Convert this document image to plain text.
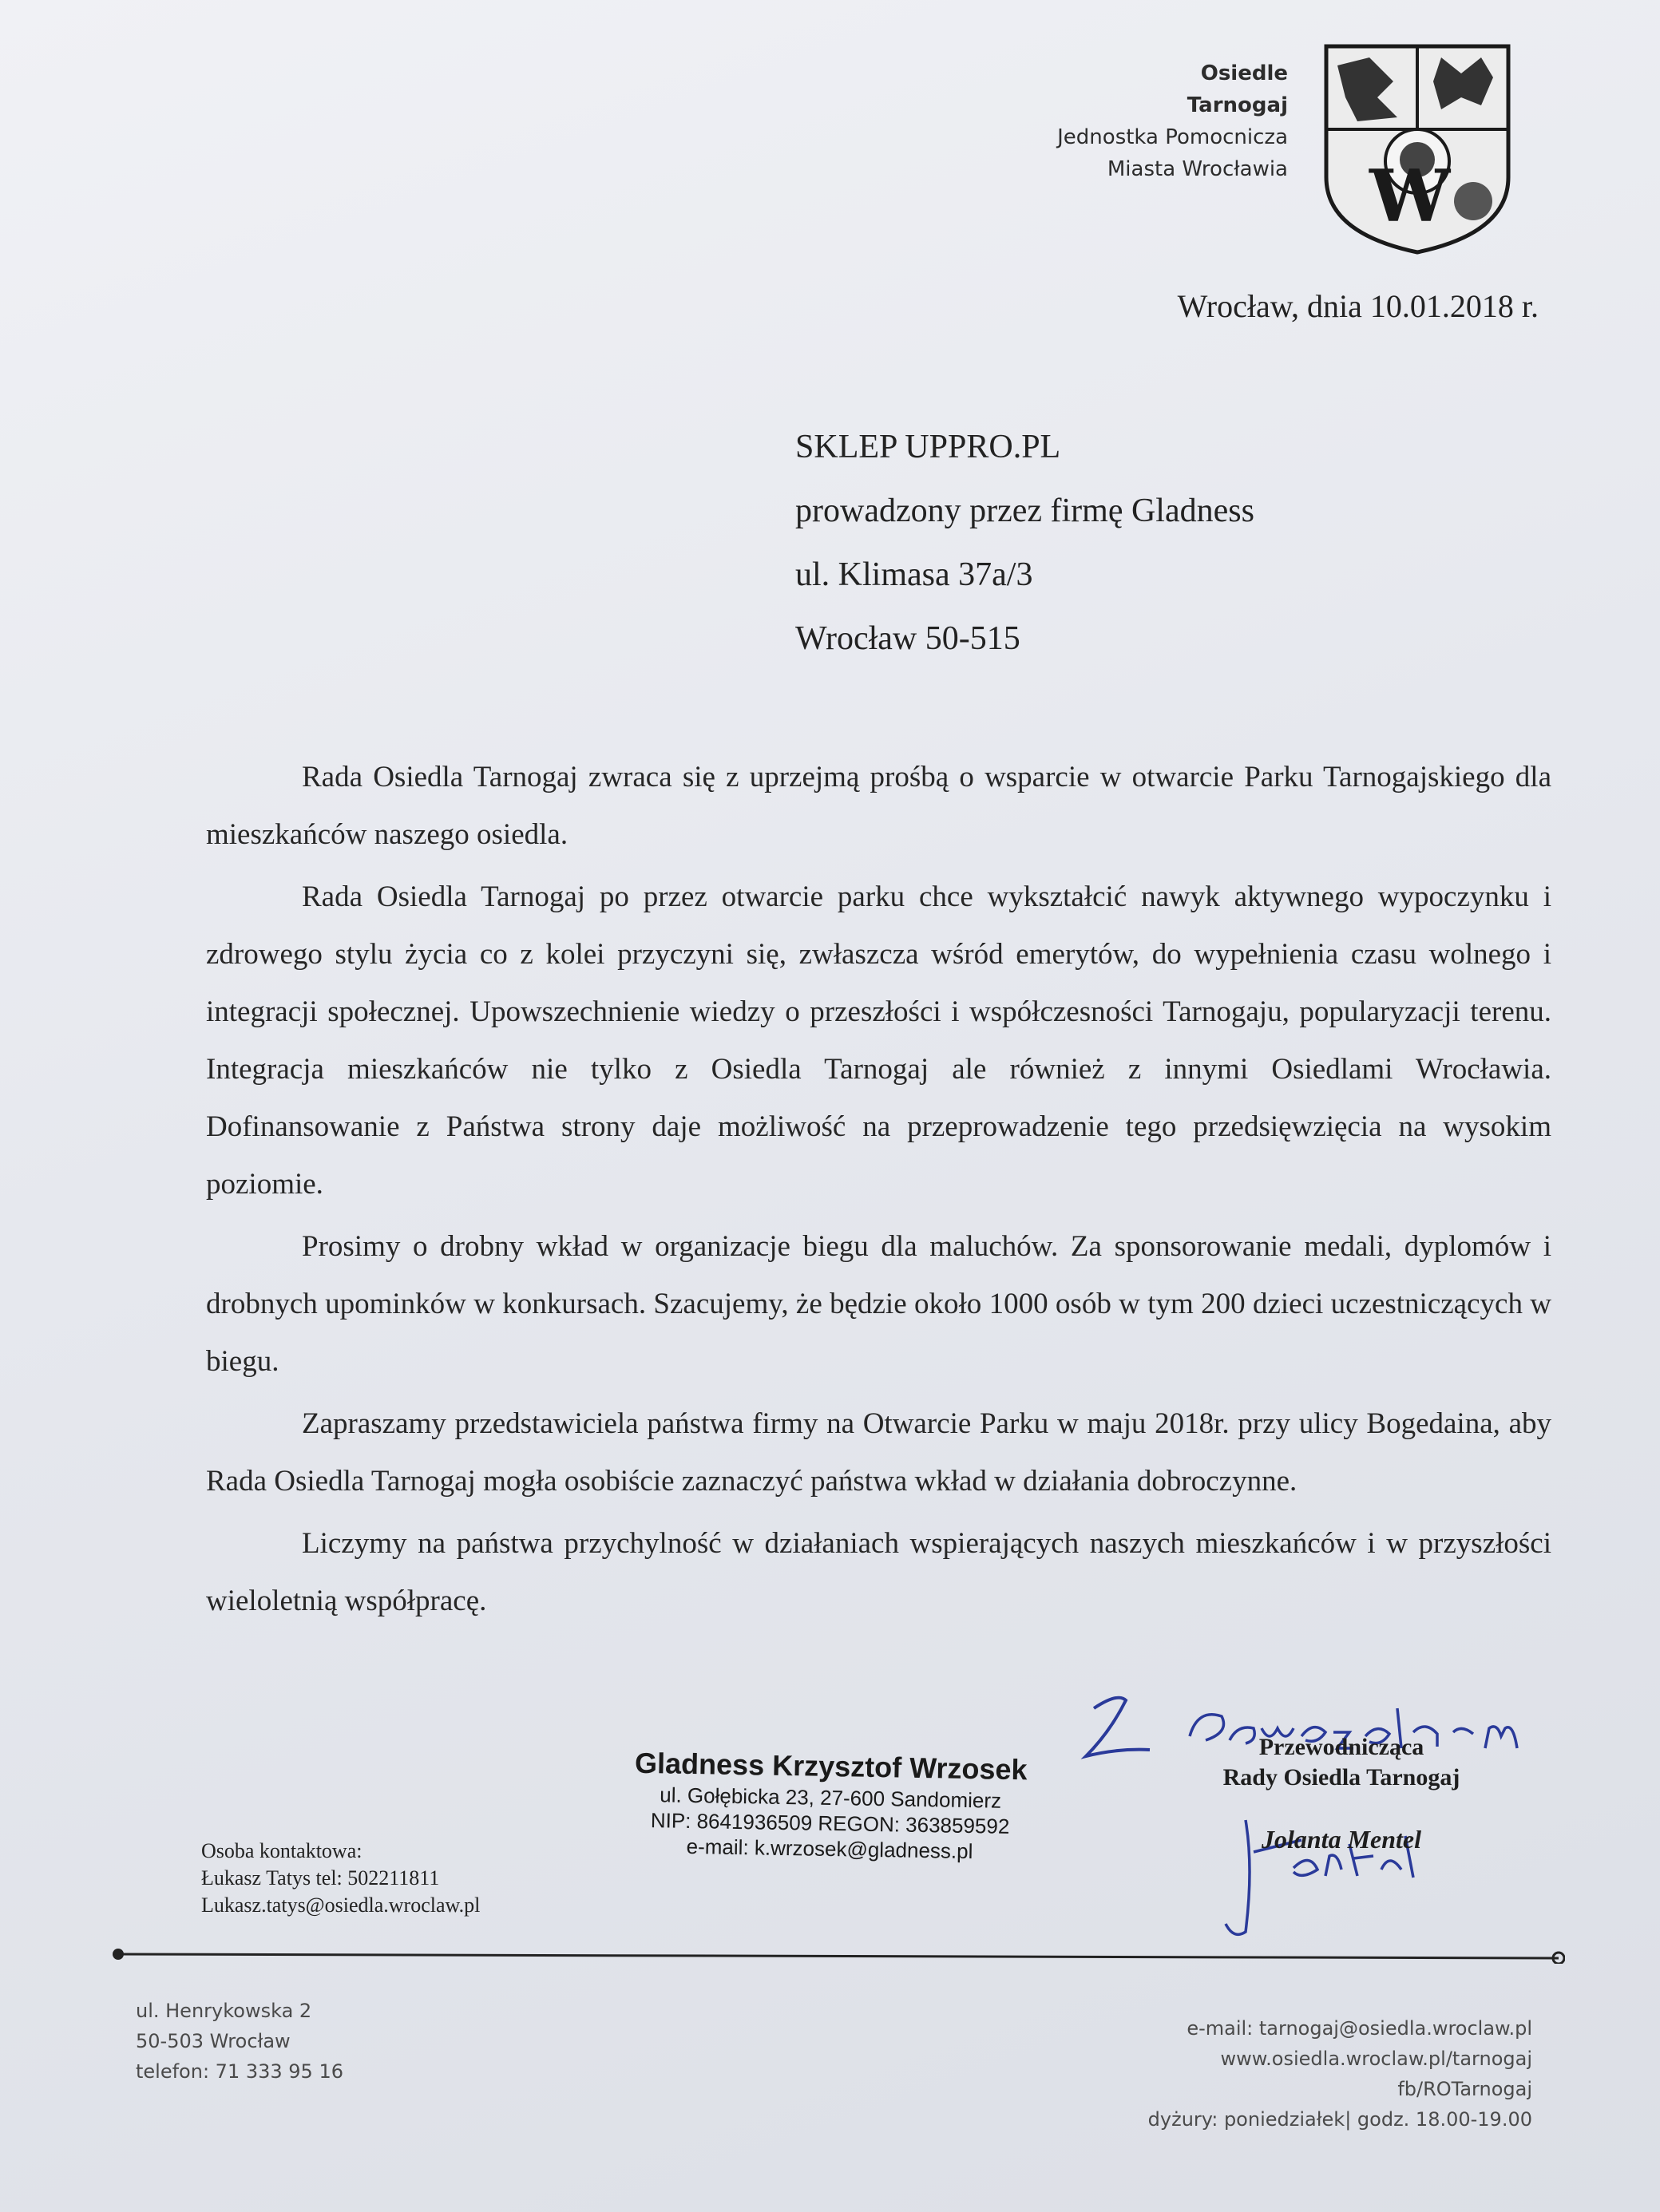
Osiedle
Tarnogaj
Jednostka Pomocnicza
Miasta Wrocławia W
Wrocław, dnia 10.01.2018 r.
SKLEP UPPRO.PL
prowadzony przez firmę Gladness
ul. Klimasa 37a/3
Wrocław 50-515

Rada Osiedla Tarnogaj zwraca się z uprzejmą prośbą o wsparcie w otwarcie Parku Tarnogajskiego dla mieszkańców naszego osiedla.

Rada Osiedla Tarnogaj po przez otwarcie parku chce wykształcić nawyk aktywnego wypoczynku i zdrowego stylu życia co z kolei przyczyni się, zwłaszcza wśród emerytów, do wypełnienia czasu wolnego i integracji społecznej. Upowszechnienie wiedzy o przeszłości i współczesności Tarnogaju, popularyzacji terenu. Integracja mieszkańców nie tylko z Osiedla Tarnogaj ale również z innymi Osiedlami Wrocławia. Dofinansowanie z Państwa strony daje możliwość na przeprowadzenie tego przedsięwzięcia na wysokim poziomie.

Prosimy o drobny wkład w organizacje biegu dla maluchów. Za sponsorowanie medali, dyplomów i drobnych upominków w konkursach. Szacujemy, że będzie około 1000 osób w tym 200 dzieci uczestniczących w biegu.

Zapraszamy przedstawiciela państwa firmy na Otwarcie Parku w maju 2018r. przy ulicy Bogedaina, aby Rada Osiedla Tarnogaj mogła osobiście zaznaczyć państwa wkład w działania dobroczynne.

Liczymy na państwa przychylność w działaniach wspierających naszych mieszkańców i w przyszłości wieloletnią współpracę.

Gladness Krzysztof Wrzosek
ul. Gołębicka 23, 27-600 Sandomierz
NIP: 8641936509 REGON: 363859592
e-mail: k.wrzosek@gladness.pl
Przewodnicząca
Rady Osiedla Tarnogaj
Jolanta Mentel
Osoba kontaktowa:
Łukasz Tatys tel: 502211811
Lukasz.tatys@osiedla.wroclaw.pl
ul. Henrykowska 2
50-503 Wrocław
telefon: 71 333 95 16
e-mail: tarnogaj@osiedla.wroclaw.pl
www.osiedla.wroclaw.pl/tarnogaj
fb/ROTarnogaj
dyżury: poniedziałek| godz. 18.00-19.00
